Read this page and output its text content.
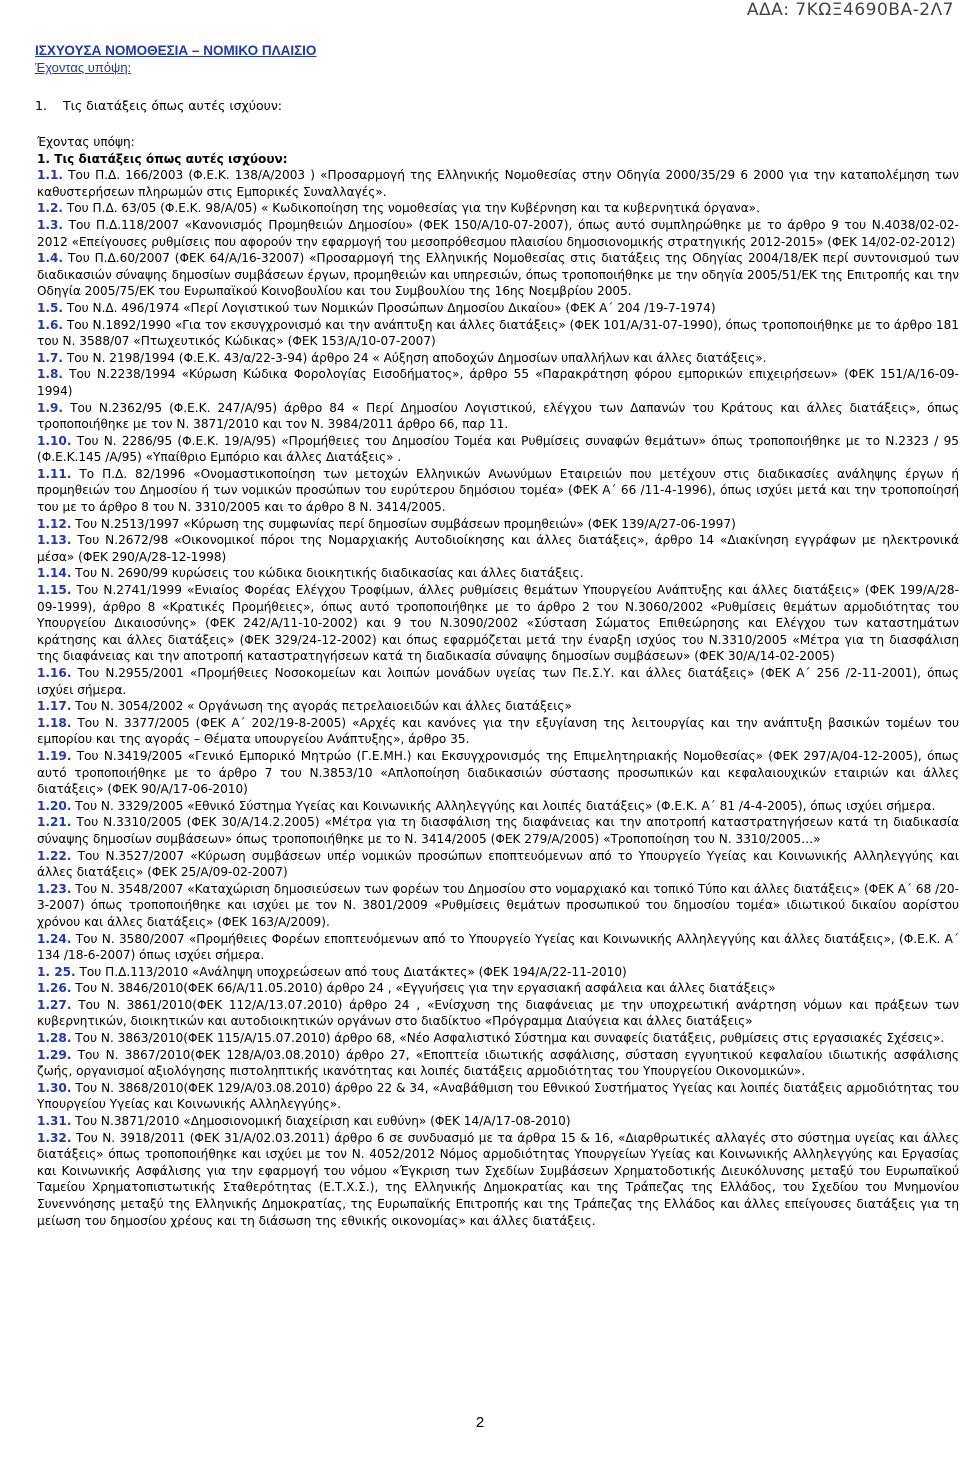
ΑΔΑ: 7ΚΩΞ4690ΒΑ-2Λ7
ΙΣΧΥΟΥΣΑ ΝΟΜΟΘΕΣΙΑ – ΝΟΜΙΚΟ ΠΛΑΙΣΙΟ
Έχοντας υπόψη:
1. Τις διατάξεις όπως αυτές ισχύουν:

Έχοντας υπόψη:

1. Τις διατάξεις όπως αυτές ισχύουν:

1.1. Του Π.Δ. 166/2003 (Φ.Ε.Κ. 138/Α/2003 ) «Προσαρμογή της Ελληνικής Νομοθεσίας στην Οδηγία 2000/35/29 6 2000 για την καταπολέμηση των καθυστερήσεων πληρωμών στις Εμπορικές Συναλλαγές».

1.2. Του Π.Δ. 63/05 (Φ.Ε.Κ. 98/Α/05) « Κωδικοποίηση της νομοθεσίας για την Κυβέρνηση και τα κυβερνητικά όργανα».

1.3. Του Π.Δ.118/2007 «Κανονισμός Προμηθειών Δημοσίου» (ΦΕΚ 150/Α/10-07-2007), όπως αυτό συμπληρώθηκε με το άρθρο 9 του Ν.4038/02-02-2012 «Επείγουσες ρυθμίσεις που αφορούν την εφαρμογή του μεσοπρόθεσμου πλαισίου δημοσιονομικής στρατηγικής 2012-2015» (ΦΕΚ 14/02-02-2012)

1.4. Του Π.Δ.60/2007 (ΦΕΚ 64/Α/16-32007) «Προσαρμογή της Ελληνικής Νομοθεσίας στις διατάξεις της Οδηγίας 2004/18/ΕΚ περί συντονισμού των διαδικασιών σύναψης δημοσίων συμβάσεων έργων, προμηθειών και υπηρεσιών, όπως τροποποιήθηκε με την οδηγία 2005/51/ΕΚ της Επιτροπής και την Οδηγία 2005/75/ΕΚ του Ευρωπαϊκού Κοινοβουλίου και του Συμβουλίου της 16ης Νοεμβρίου 2005.

1.5. Του Ν.Δ. 496/1974 «Περί Λογιστικού των Νομικών Προσώπων Δημοσίου Δικαίου» (ΦΕΚ Α΄ 204 /19-7-1974)

1.6. Του Ν.1892/1990 «Για τον εκσυγχρονισμό και την ανάπτυξη και άλλες διατάξεις» (ΦΕΚ 101/Α/31-07-1990), όπως τροποποιήθηκε με το άρθρο 181 του Ν. 3588/07 «Πτωχευτικός Κώδικας» (ΦΕΚ 153/Α/10-07-2007)

1.7. Του Ν. 2198/1994 (Φ.Ε.Κ. 43/α/22-3-94) άρθρο 24 « Αύξηση αποδοχών Δημοσίων υπαλλήλων και άλλες διατάξεις».

1.8. Του Ν.2238/1994 «Κύρωση Κώδικα Φορολογίας Εισοδήματος», άρθρο 55 «Παρακράτηση φόρου εμπορικών επιχειρήσεων» (ΦΕΚ 151/Α/16-09-1994)

1.9. Του Ν.2362/95 (Φ.Ε.Κ. 247/Α/95) άρθρο 84 « Περί Δημοσίου Λογιστικού, ελέγχου των Δαπανών του Κράτους και άλλες διατάξεις», όπως τροποποιήθηκε με τον Ν. 3871/2010 και τον Ν. 3984/2011 άρθρο 66, παρ 11.

1.10. Του Ν. 2286/95 (Φ.Ε.Κ. 19/Α/95) «Προμήθειες του Δημοσίου Τομέα και Ρυθμίσεις συναφών θεμάτων» όπως τροποποιήθηκε με το Ν.2323 / 95 (Φ.Ε.Κ.145 /Α/95) «Υπαίθριο Εμπόριο και άλλες Διατάξεις» .

1.11. Το Π.Δ. 82/1996 «Ονομαστικοποίηση των μετοχών Ελληνικών Ανωνύμων Εταιρειών που μετέχουν στις διαδικασίες ανάληψης έργων ή προμηθειών του Δημοσίου ή των νομικών προσώπων του ευρύτερου δημόσιου τομέα» (ΦΕΚ Α΄ 66 /11-4-1996), όπως ισχύει μετά και την τροποποίησή του με το άρθρο 8 του Ν. 3310/2005 και το άρθρο 8 Ν. 3414/2005.

1.12. Του Ν.2513/1997 «Κύρωση της συμφωνίας περί δημοσίων συμβάσεων προμηθειών» (ΦΕΚ 139/Α/27-06-1997)

1.13. Του Ν.2672/98 «Οικονομικοί πόροι της Νομαρχιακής Αυτοδιοίκησης και άλλες διατάξεις», άρθρο 14 «Διακίνηση εγγράφων με ηλεκτρονικά μέσα» (ΦΕΚ 290/Α/28-12-1998)

1.14. Του Ν. 2690/99 κυρώσεις του κώδικα διοικητικής διαδικασίας και άλλες διατάξεις.

1.15. Του Ν.2741/1999 «Ενιαίος Φορέας Ελέγχου Τροφίμων, άλλες ρυθμίσεις θεμάτων Υπουργείου Ανάπτυξης και άλλες διατάξεις» (ΦΕΚ 199/Α/28-09-1999), άρθρο 8 «Κρατικές Προμήθειες», όπως αυτό τροποποιήθηκε με το άρθρο 2 του Ν.3060/2002 «Ρυθμίσεις θεμάτων αρμοδιότητας του Υπουργείου Δικαιοσύνης» (ΦΕΚ 242/Α/11-10-2002) και 9 του Ν.3090/2002 «Σύσταση Σώματος Επιθεώρησης και Ελέγχου των καταστημάτων κράτησης και άλλες διατάξεις» (ΦΕΚ 329/24-12-2002) και όπως εφαρμόζεται μετά την έναρξη ισχύος του Ν.3310/2005 «Μέτρα για τη διασφάλιση της διαφάνειας και την αποτροπή καταστρατηγήσεων κατά τη διαδικασία σύναψης δημοσίων συμβάσεων» (ΦΕΚ 30/Α/14-02-2005)

1.16. Του Ν.2955/2001 «Προμήθειες Νοσοκομείων και λοιπών μονάδων υγείας των Πε.Σ.Υ. και άλλες διατάξεις» (ΦΕΚ Α΄ 256 /2-11-2001), όπως ισχύει σήμερα.

1.17. Του Ν. 3054/2002 « Οργάνωση της αγοράς πετρελαιοειδών και άλλες διατάξεις»

1.18. Του Ν. 3377/2005 (ΦΕΚ Α΄ 202/19-8-2005) «Αρχές και κανόνες για την εξυγίανση της λειτουργίας και την ανάπτυξη βασικών τομέων του εμπορίου και της αγοράς – Θέματα υπουργείου Ανάπτυξης», άρθρο 35.

1.19. Του Ν.3419/2005 «Γενικό Εμπορικό Μητρώο (Γ.Ε.ΜΗ.) και Εκσυγχρονισμός της Επιμελητηριακής Νομοθεσίας» (ΦΕΚ 297/Α/04-12-2005), όπως αυτό τροποποιήθηκε με το άρθρο 7 του Ν.3853/10 «Απλοποίηση διαδικασιών σύστασης προσωπικών και κεφαλαιουχικών εταιριών και άλλες διατάξεις» (ΦΕΚ 90/Α/17-06-2010)

1.20. Του Ν. 3329/2005 «Εθνικό Σύστημα Υγείας και Κοινωνικής Αλληλεγγύης και λοιπές διατάξεις» (Φ.Ε.Κ. Α΄ 81 /4-4-2005), όπως ισχύει σήμερα.

1.21. Του Ν.3310/2005 (ΦΕΚ 30/Α/14.2.2005) «Μέτρα για τη διασφάλιση της διαφάνειας και την αποτροπή καταστρατηγήσεων κατά τη διαδικασία σύναψης δημοσίων συμβάσεων» όπως τροποποιήθηκε με το Ν. 3414/2005 (ΦΕΚ 279/Α/2005) «Τροποποίηση του Ν. 3310/2005…»

1.22. Του Ν.3527/2007 «Κύρωση συμβάσεων υπέρ νομικών προσώπων εποπτευόμενων από το Υπουργείο Υγείας και Κοινωνικής Αλληλεγγύης και άλλες διατάξεις» (ΦΕΚ 25/Α/09-02-2007)

1.23. Του Ν. 3548/2007 «Καταχώριση δημοσιεύσεων των φορέων του Δημοσίου στο νομαρχιακό και τοπικό Τύπο και άλλες διατάξεις» (ΦΕΚ Α΄ 68 /20-3-2007) όπως τροποποιήθηκε και ισχύει με τον Ν. 3801/2009 «Ρυθμίσεις θεμάτων προσωπικού του δημοσίου τομέα» ιδιωτικού δικαίου αορίστου χρόνου και άλλες διατάξεις» (ΦΕΚ 163/Α/2009).

1.24. Του Ν. 3580/2007 «Προμήθειες Φορέων εποπτευόμενων από το Υπουργείο Υγείας και Κοινωνικής Αλληλεγγύης και άλλες διατάξεις», (Φ.Ε.Κ. Α΄ 134 /18-6-2007) όπως ισχύει σήμερα.

1. 25. Του Π.Δ.113/2010 «Ανάληψη υποχρεώσεων από τους Διατάκτες» (ΦΕΚ 194/Α/22-11-2010)

1.26. Του Ν. 3846/2010(ΦΕΚ 66/Α/11.05.2010) άρθρο 24 , «Εγγυήσεις για την εργασιακή ασφάλεια και άλλες διατάξεις»

1.27. Του Ν. 3861/2010(ΦΕΚ 112/Α/13.07.2010) άρθρο 24 , «Ενίσχυση της διαφάνειας με την υποχρεωτική ανάρτηση νόμων και πράξεων των κυβερνητικών, διοικητικών και αυτοδιοικητικών οργάνων στο διαδίκτυο «Πρόγραμμα Διαύγεια και άλλες διατάξεις»

1.28. Του Ν. 3863/2010(ΦΕΚ 115/Α/15.07.2010) άρθρο 68, «Νέο Ασφαλιστικό Σύστημα και συναφείς διατάξεις, ρυθμίσεις στις εργασιακές Σχέσεις».

1.29. Του Ν. 3867/2010(ΦΕΚ 128/Α/03.08.2010) άρθρο 27, «Εποπτεία ιδιωτικής ασφάλισης, σύσταση εγγυητικού κεφαλαίου ιδιωτικής ασφάλισης ζωής, οργανισμοί αξιολόγησης πιστοληπτικής ικανότητας και λοιπές διατάξεις αρμοδιότητας του Υπουργείου Οικονομικών».

1.30. Του Ν. 3868/2010(ΦΕΚ 129/Α/03.08.2010) άρθρο 22 & 34, «Αναβάθμιση του Εθνικού Συστήματος Υγείας και λοιπές διατάξεις αρμοδιότητας του Υπουργείου Υγείας και Κοινωνικής Αλληλεγγύης».

1.31. Του Ν.3871/2010 «Δημοσιονομική διαχείριση και ευθύνη» (ΦΕΚ 14/Α/17-08-2010)

1.32. Του Ν. 3918/2011 (ΦΕΚ 31/Α/02.03.2011) άρθρο 6 σε συνδυασμό με τα άρθρα 15 & 16, «Διαρθρωτικές αλλαγές στο σύστημα υγείας και άλλες διατάξεις» όπως τροποποιήθηκε και ισχύει με τον Ν. 4052/2012 Νόμος αρμοδιότητας Υπουργείων Υγείας και Κοινωνικής Αλληλεγγύης και Εργασίας και Κοινωνικής Ασφάλισης για την εφαρμογή του νόμου «Έγκριση των Σχεδίων Συμβάσεων Χρηματοδοτικής Διευκόλυνσης μεταξύ του Ευρωπαϊκού Ταμείου Χρηματοπιστωτικής Σταθερότητας (Ε.Τ.Χ.Σ.), της Ελληνικής Δημοκρατίας και της Τράπεζας της Ελλάδος, του Σχεδίου του Μνημονίου Συνεννόησης μεταξύ της Ελληνικής Δημοκρατίας, της Ευρωπαϊκής Επιτροπής και της Τράπεζας της Ελλάδος και άλλες επείγουσες διατάξεις για τη μείωση του δημοσίου χρέους και τη διάσωση της εθνικής οικονομίας» και άλλες διατάξεις.

2
